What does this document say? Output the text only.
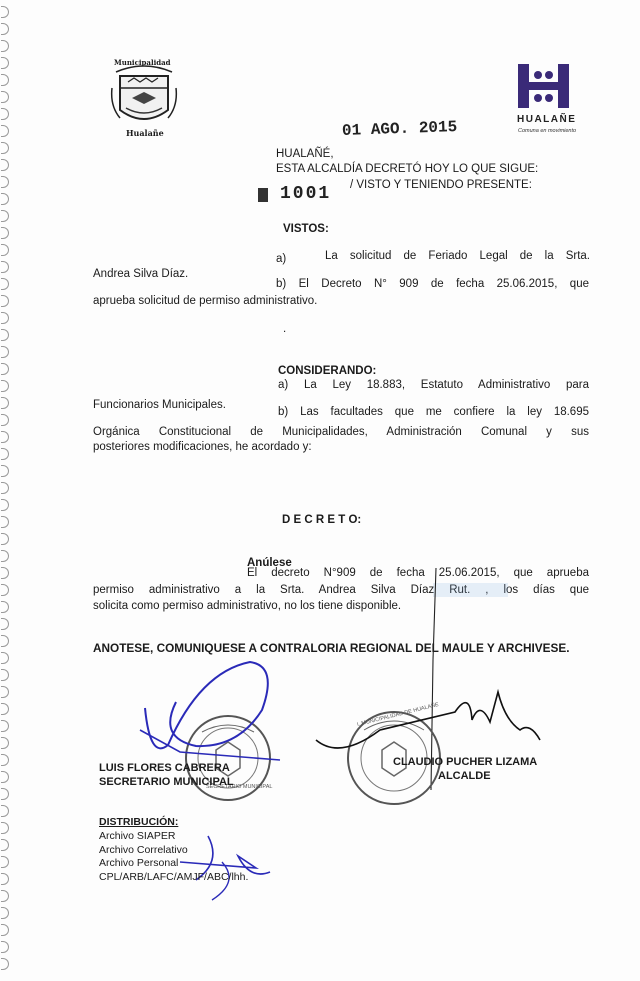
Municipalidad
Hualañe
HUALAÑE
Comuna en movimiento
01 AGO. 2015
HUALAÑÉ,
ESTA ALCALDÍA DECRETÓ HOY LO QUE SIGUE:
1001 / VISTO Y TENIENDO PRESENTE:
VISTOS:
a)	La solicitud de Feriado Legal de la Srta.
Andrea Silva Díaz.
b) El Decreto N° 909 de fecha 25.06.2015, que
aprueba solicitud de permiso administrativo.
.
CONSIDERANDO:
a) La Ley 18.883, Estatuto Administrativo para
Funcionarios Municipales.
b) Las facultades que me confiere la ley 18.695
Orgánica Constitucional de Municipalidades, Administración Comunal y sus
posteriores modificaciones, he acordado y:
D E C R E T O:
Anúlese
El decreto N°909 de fecha 25.06.2015, que aprueba
permiso administrativo a la Srta. Andrea Silva Díaz Rut. , los días que
solicita como permiso administrativo, no los tiene disponible.
ANOTESE, COMUNIQUESE A CONTRALORIA REGIONAL DEL MAULE Y ARCHIVESE.
SECRETARIO MUNICIPAL
I. MUNICIPALIDAD DE HUALAÑE
LUIS FLORES CABRERA
SECRETARIO MUNICIPAL
CLAUDIO PUCHER LIZAMA
ALCALDE
DISTRIBUCIÓN:
Archivo SIAPER
Archivo Correlativo
Archivo Personal
CPL/ARB/LAFC/AMJF/ABC/lhh.
